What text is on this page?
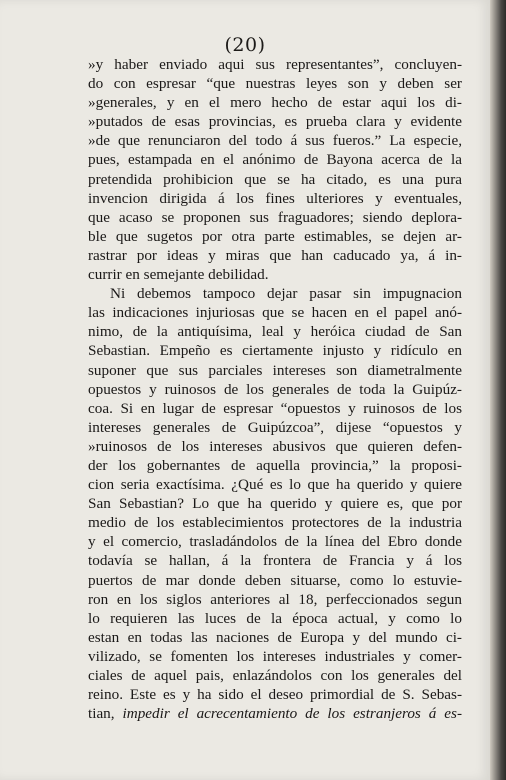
(20)
»y haber enviado aqui sus representantes”, concluyen-
do con espresar “que nuestras leyes son y deben ser
»generales, y en el mero hecho de estar aqui los di-
»putados de esas provincias, es prueba clara y evidente
»de que renunciaron del todo á sus fueros.” La especie,
pues, estampada en el anónimo de Bayona acerca de la
pretendida prohibicion que se ha citado, es una pura
invencion dirigida á los fines ulteriores y eventuales,
que acaso se proponen sus fraguadores; siendo deplora-
ble que sugetos por otra parte estimables, se dejen ar-
rastrar por ideas y miras que han caducado ya, á in-
currir en semejante debilidad.
Ni debemos tampoco dejar pasar sin impugnacion
las indicaciones injuriosas que se hacen en el papel anó-
nimo, de la antiquísima, leal y heróica ciudad de San
Sebastian. Empeño es ciertamente injusto y ridículo en
suponer que sus parciales intereses son diametralmente
opuestos y ruinosos de los generales de toda la Guipúz-
coa. Si en lugar de espresar “opuestos y ruinosos de los
intereses generales de Guipúzcoa”, dijese “opuestos y
»ruinosos de los intereses abusivos que quieren defen-
der los gobernantes de aquella provincia,” la proposi-
cion seria exactísima. ¿Qué es lo que ha querido y quiere
San Sebastian? Lo que ha querido y quiere es, que por
medio de los establecimientos protectores de la industria
y el comercio, trasladándolos de la línea del Ebro donde
todavía se hallan, á la frontera de Francia y á los
puertos de mar donde deben situarse, como lo estuvie-
ron en los siglos anteriores al 18, perfeccionados segun
lo requieren las luces de la época actual, y como lo
estan en todas las naciones de Europa y del mundo ci-
vilizado, se fomenten los intereses industriales y comer-
ciales de aquel pais, enlazándolos con los generales del
reino. Este es y ha sido el deseo primordial de S. Sebas-
tian, impedir el acrecentamiento de los estranjeros á es-
